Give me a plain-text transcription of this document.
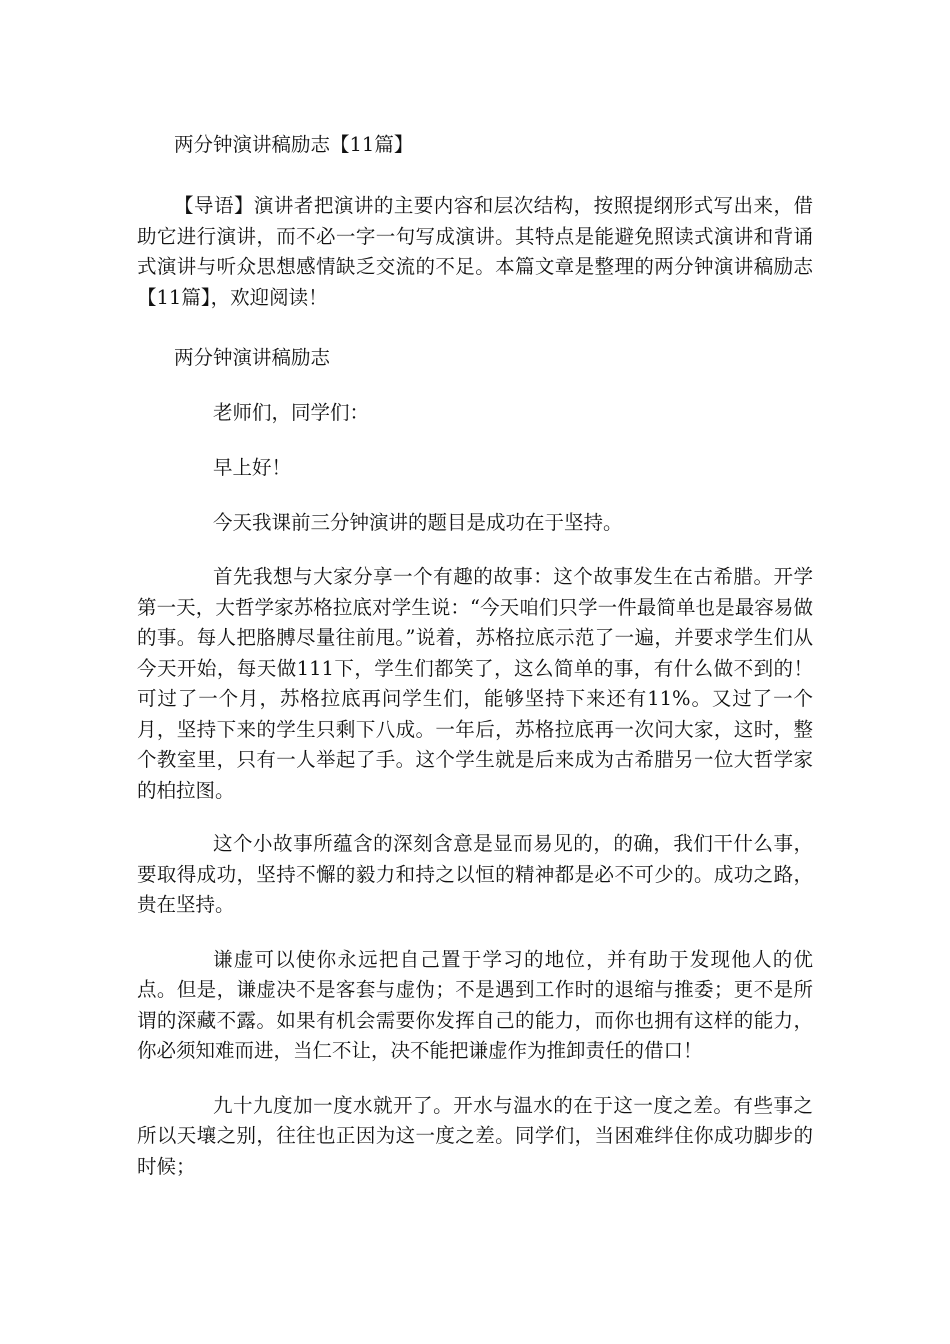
两分钟演讲稿励志【11篇】

【导语】演讲者把演讲的主要内容和层次结构，按照提纲形式写出来，借助它进行演讲，而不必一字一句写成演讲。其特点是能避免照读式演讲和背诵式演讲与听众思想感情缺乏交流的不足。本篇文章是整理的两分钟演讲稿励志【11篇】，欢迎阅读！

两分钟演讲稿励志

老师们，同学们：

早上好！

今天我课前三分钟演讲的题目是成功在于坚持。

首先我想与大家分享一个有趣的故事：这个故事发生在古希腊。开学第一天，大哲学家苏格拉底对学生说：“今天咱们只学一件最简单也是最容易做的事。每人把胳膊尽量往前甩。”说着，苏格拉底示范了一遍，并要求学生们从今天开始，每天做111下，学生们都笑了，这么简单的事，有什么做不到的！可过了一个月，苏格拉底再问学生们，能够坚持下来还有11%。又过了一个月，坚持下来的学生只剩下八成。一年后，苏格拉底再一次问大家，这时，整个教室里，只有一人举起了手。这个学生就是后来成为古希腊另一位大哲学家的柏拉图。

这个小故事所蕴含的深刻含意是显而易见的，的确，我们干什么事，要取得成功，坚持不懈的毅力和持之以恒的精神都是必不可少的。成功之路，贵在坚持。

谦虚可以使你永远把自己置于学习的地位，并有助于发现他人的优点。但是，谦虚决不是客套与虚伪；不是遇到工作时的退缩与推委；更不是所谓的深藏不露。如果有机会需要你发挥自己的能力，而你也拥有这样的能力，你必须知难而进，当仁不让，决不能把谦虚作为推卸责任的借口！

九十九度加一度水就开了。开水与温水的在于这一度之差。有些事之所以天壤之别，往往也正因为这一度之差。同学们，当困难绊住你成功脚步的时候；
